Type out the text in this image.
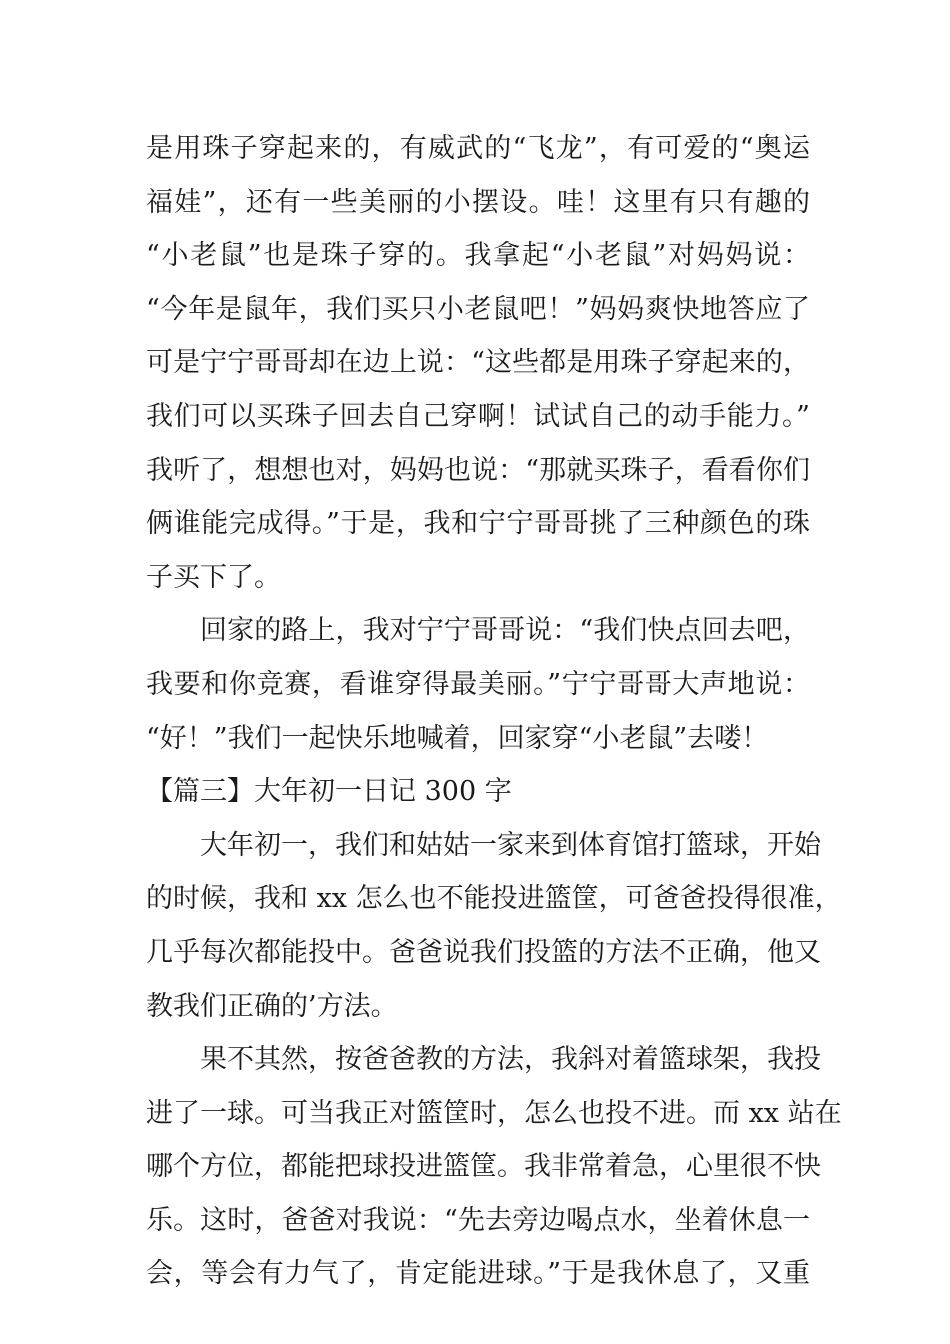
是用珠子穿起来的，有威武的“飞龙”，有可爱的“奥运
福娃”，还有一些美丽的小摆设。哇！这里有只有趣的
“小老鼠”也是珠子穿的。我拿起“小老鼠”对妈妈说：
“今年是鼠年，我们买只小老鼠吧！”妈妈爽快地答应了
可是宁宁哥哥却在边上说：“这些都是用珠子穿起来的，
我们可以买珠子回去自己穿啊！试试自己的动手能力。”
我听了，想想也对，妈妈也说：“那就买珠子，看看你们
俩谁能完成得。”于是，我和宁宁哥哥挑了三种颜色的珠
子买下了。
回家的路上，我对宁宁哥哥说：“我们快点回去吧，
我要和你竞赛，看谁穿得最美丽。”宁宁哥哥大声地说：
“好！”我们一起快乐地喊着，回家穿“小老鼠”去喽！
【篇三】大年初一日记 300 字
大年初一，我们和姑姑一家来到体育馆打篮球，开始
的时候，我和 xx 怎么也不能投进篮筐，可爸爸投得很准，
几乎每次都能投中。爸爸说我们投篮的方法不正确，他又
教我们正确的’方法。
果不其然，按爸爸教的方法，我斜对着篮球架，我投
进了一球。可当我正对篮筐时，怎么也投不进。而 xx 站在
哪个方位，都能把球投进篮筐。我非常着急，心里很不快
乐。这时，爸爸对我说：“先去旁边喝点水，坐着休息一
会，等会有力气了，肯定能进球。”于是我休息了，又重
